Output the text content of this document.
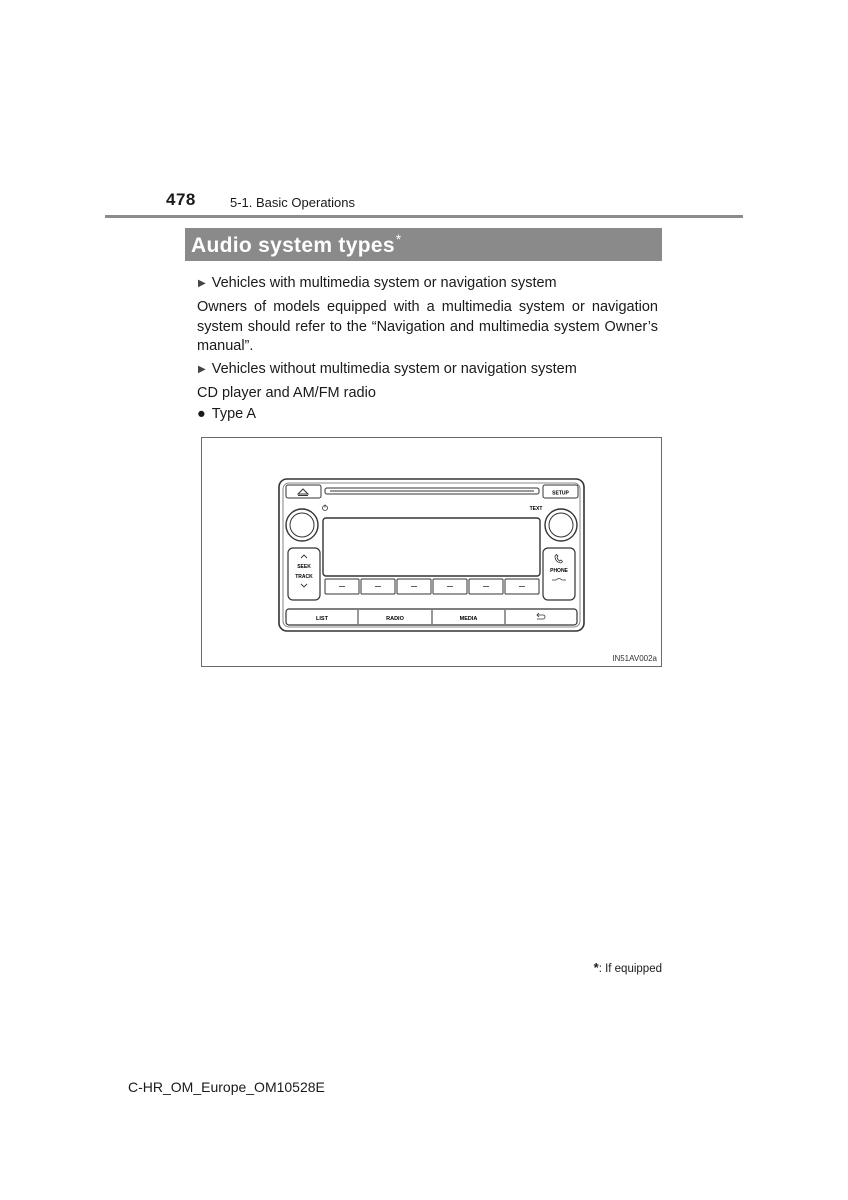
478	5-1. Basic Operations
Audio system types*
▶ Vehicles with multimedia system or navigation system
Owners of models equipped with a multimedia system or navigation system should refer to the “Navigation and multimedia system Owner’s manual”.
▶ Vehicles without multimedia system or navigation system
CD player and AM/FM radio
● Type A
SETUP
TEXT
SEEK
TRACK
PHONE
LIST	RADIO	MEDIA
IN51AV002a
*: If equipped
C-HR_OM_Europe_OM10528E
